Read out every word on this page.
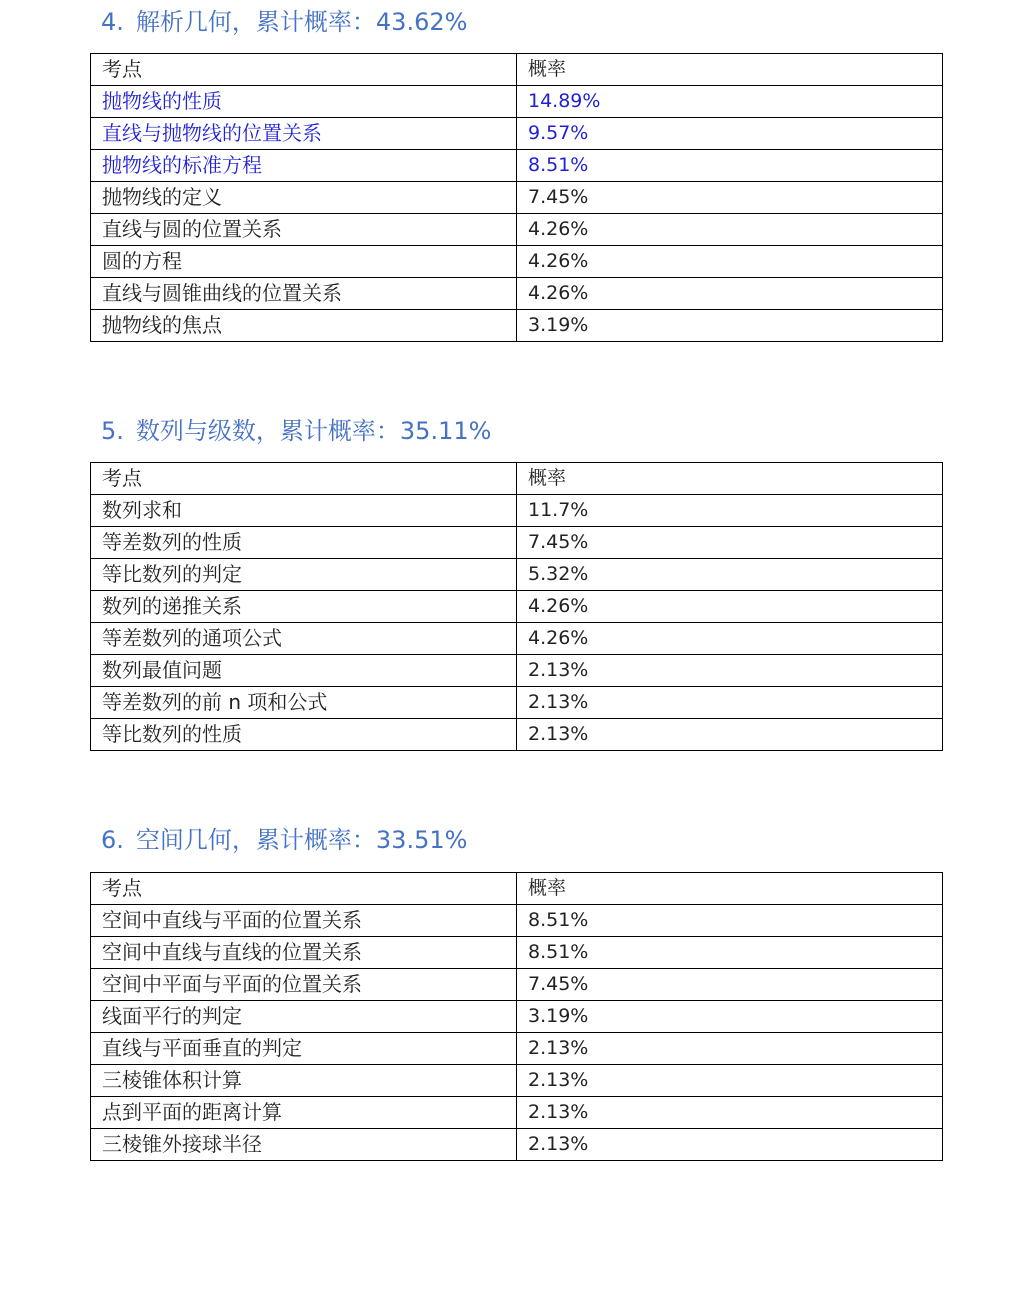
4. 解析几何，累计概率：43.62%
考点	概率
抛物线的性质	14.89%
直线与抛物线的位置关系	9.57%
抛物线的标准方程	8.51%
抛物线的定义	7.45%
直线与圆的位置关系	4.26%
圆的方程	4.26%
直线与圆锥曲线的位置关系	4.26%
抛物线的焦点	3.19%
5. 数列与级数，累计概率：35.11%
考点	概率
数列求和	11.7%
等差数列的性质	7.45%
等比数列的判定	5.32%
数列的递推关系	4.26%
等差数列的通项公式	4.26%
数列最值问题	2.13%
等差数列的前 n 项和公式	2.13%
等比数列的性质	2.13%
6. 空间几何，累计概率：33.51%
考点	概率
空间中直线与平面的位置关系	8.51%
空间中直线与直线的位置关系	8.51%
空间中平面与平面的位置关系	7.45%
线面平行的判定	3.19%
直线与平面垂直的判定	2.13%
三棱锥体积计算	2.13%
点到平面的距离计算	2.13%
三棱锥外接球半径	2.13%
